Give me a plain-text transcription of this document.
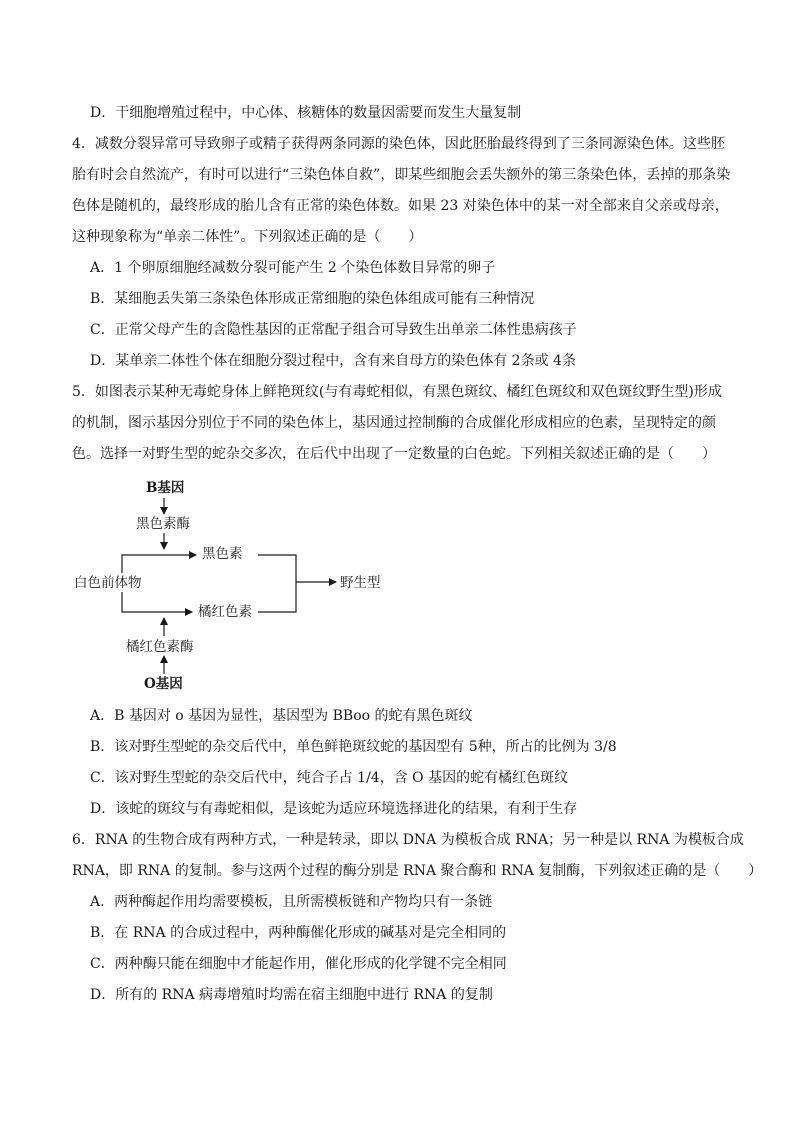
D．干细胞增殖过程中，中心体、核糖体的数量因需要而发生大量复制
4．减数分裂异常可导致卵子或精子获得两条同源的染色体，因此胚胎最终得到了三条同源染色体。这些胚
胎有时会自然流产，有时可以进行“三染色体自救”，即某些细胞会丢失额外的第三条染色体，丢掉的那条染
色体是随机的，最终形成的胎儿含有正常的染色体数。如果 23 对染色体中的某一对全部来自父亲或母亲，
这种现象称为“单亲二体性”。下列叙述正确的是（　　）
A．1 个卵原细胞经减数分裂可能产生 2 个染色体数目异常的卵子
B．某细胞丢失第三条染色体形成正常细胞的染色体组成可能有三种情况
C．正常父母产生的含隐性基因的正常配子组合可导致生出单亲二体性患病孩子
D．某单亲二体性个体在细胞分裂过程中，含有来自母方的染色体有 2条或 4条
5．如图表示某种无毒蛇身体上鲜艳斑纹(与有毒蛇相似，有黑色斑纹、橘红色斑纹和双色斑纹野生型)形成
的机制，图示基因分别位于不同的染色体上，基因通过控制酶的合成催化形成相应的色素，呈现特定的颜
色。选择一对野生型的蛇杂交多次，在后代中出现了一定数量的白色蛇。下列相关叙述正确的是（　　）
B基因
黑色素酶
黑色素
白色前体物	野生型
橘红色素
橘红色素酶
O基因
A．B 基因对 o 基因为显性，基因型为 BBoo 的蛇有黑色斑纹
B．该对野生型蛇的杂交后代中，单色鲜艳斑纹蛇的基因型有 5种，所占的比例为 3/8
C．该对野生型蛇的杂交后代中，纯合子占 1/4，含 O 基因的蛇有橘红色斑纹
D．该蛇的斑纹与有毒蛇相似，是该蛇为适应环境选择进化的结果，有利于生存
6．RNA 的生物合成有两种方式，一种是转录，即以 DNA 为模板合成 RNA；另一种是以 RNA 为模板合成
RNA，即 RNA 的复制。参与这两个过程的酶分别是 RNA 聚合酶和 RNA 复制酶，下列叙述正确的是（　　）
A．两种酶起作用均需要模板，且所需模板链和产物均只有一条链
B．在 RNA 的合成过程中，两种酶催化形成的碱基对是完全相同的
C．两种酶只能在细胞中才能起作用，催化形成的化学键不完全相同
D．所有的 RNA 病毒增殖时均需在宿主细胞中进行 RNA 的复制
